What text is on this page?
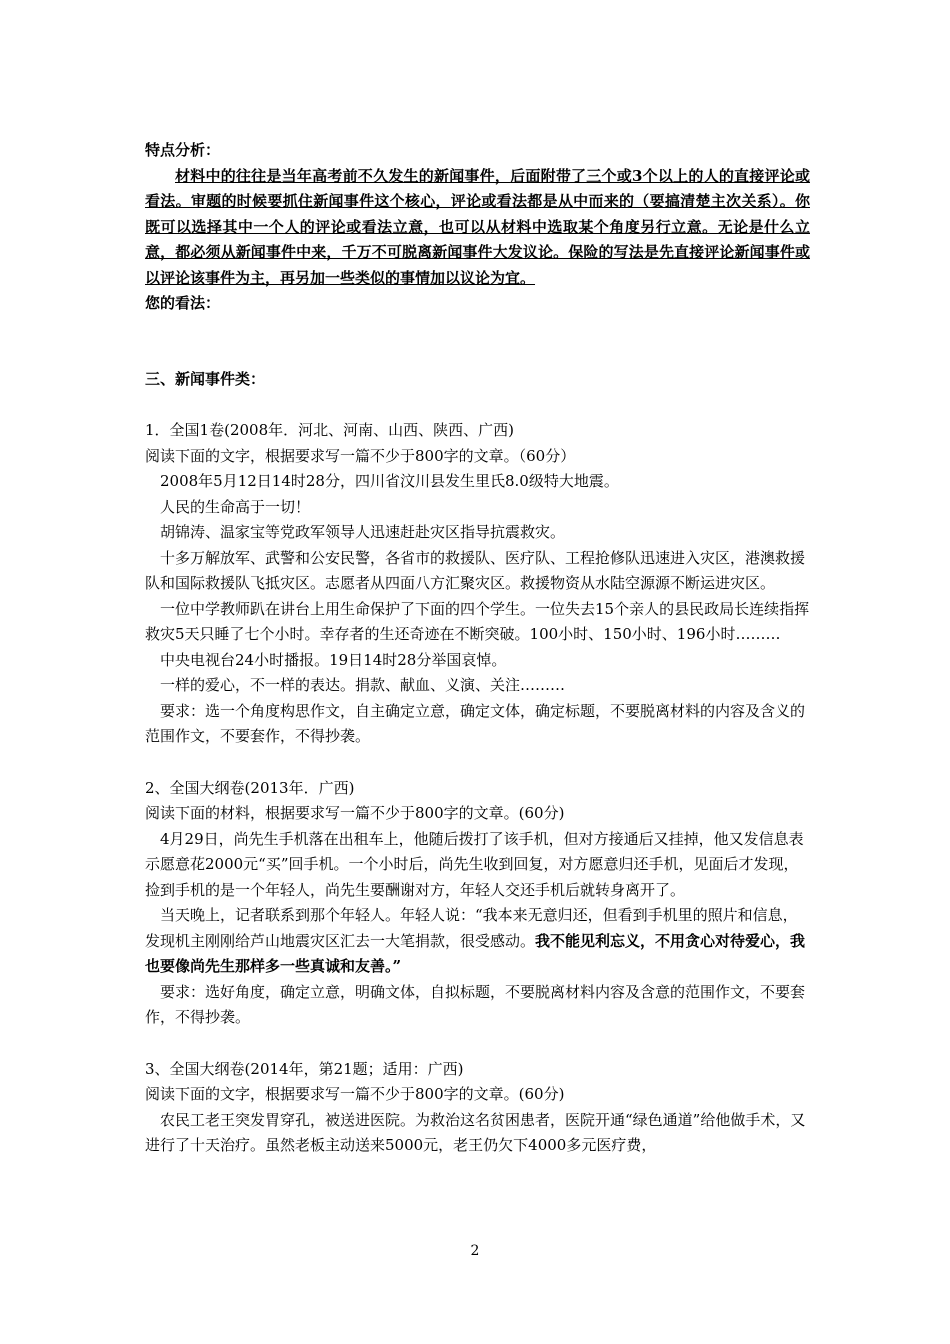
特点分析：

材料中的往往是当年高考前不久发生的新闻事件，后面附带了三个或3个以上的人的直接评论或看法。审题的时候要抓住新闻事件这个核心，评论或看法都是从中而来的（要搞清楚主次关系）。你既可以选择其中一个人的评论或看法立意，也可以从材料中选取某个角度另行立意。无论是什么立意，都必须从新闻事件中来，千万不可脱离新闻事件大发议论。保险的写法是先直接评论新闻事件或以评论该事件为主，再另加一些类似的事情加以议论为宜。

您的看法：

三、新闻事件类：

1．全国1卷(2008年．河北、河南、山西、陕西、广西)

阅读下面的文字，根据要求写一篇不少于800字的文章。（60分）

2008年5月12日14时28分，四川省汶川县发生里氏8.0级特大地震。

人民的生命高于一切！

胡锦涛、温家宝等党政军领导人迅速赶赴灾区指导抗震救灾。

十多万解放军、武警和公安民警，各省市的救援队、医疗队、工程抢修队迅速进入灾区，港澳救援队和国际救援队飞抵灾区。志愿者从四面八方汇聚灾区。救援物资从水陆空源源不断运进灾区。

一位中学教师趴在讲台上用生命保护了下面的四个学生。一位失去15个亲人的县民政局长连续指挥救灾5天只睡了七个小时。幸存者的生还奇迹在不断突破。100小时、150小时、196小时………

中央电视台24小时播报。19日14时28分举国哀悼。

一样的爱心，不一样的表达。捐款、献血、义演、关注………

要求：选一个角度构思作文，自主确定立意，确定文体，确定标题，不要脱离材料的内容及含义的范围作文，不要套作，不得抄袭。

2、全国大纲卷(2013年．广西)

阅读下面的材料，根据要求写一篇不少于800字的文章。(60分)

4月29日，尚先生手机落在出租车上，他随后拨打了该手机，但对方接通后又挂掉，他又发信息表示愿意花2000元“买”回手机。一个小时后，尚先生收到回复，对方愿意归还手机，见面后才发现，捡到手机的是一个年轻人，尚先生要酬谢对方，年轻人交还手机后就转身离开了。

当天晚上，记者联系到那个年轻人。年轻人说：“我本来无意归还，但看到手机里的照片和信息，发现机主刚刚给芦山地震灾区汇去一大笔捐款，很受感动。我不能见利忘义，不用贪心对待爱心，我也要像尚先生那样多一些真诚和友善。”

要求：选好角度，确定立意，明确文体，自拟标题，不要脱离材料内容及含意的范围作文，不要套作，不得抄袭。

3、全国大纲卷(2014年，第21题；适用：广西)

阅读下面的文字，根据要求写一篇不少于800字的文章。(60分)

农民工老王突发胃穿孔，被送进医院。为救治这名贫困患者，医院开通“绿色通道”给他做手术，又进行了十天治疗。虽然老板主动送来5000元，老王仍欠下4000多元医疗费，

2
